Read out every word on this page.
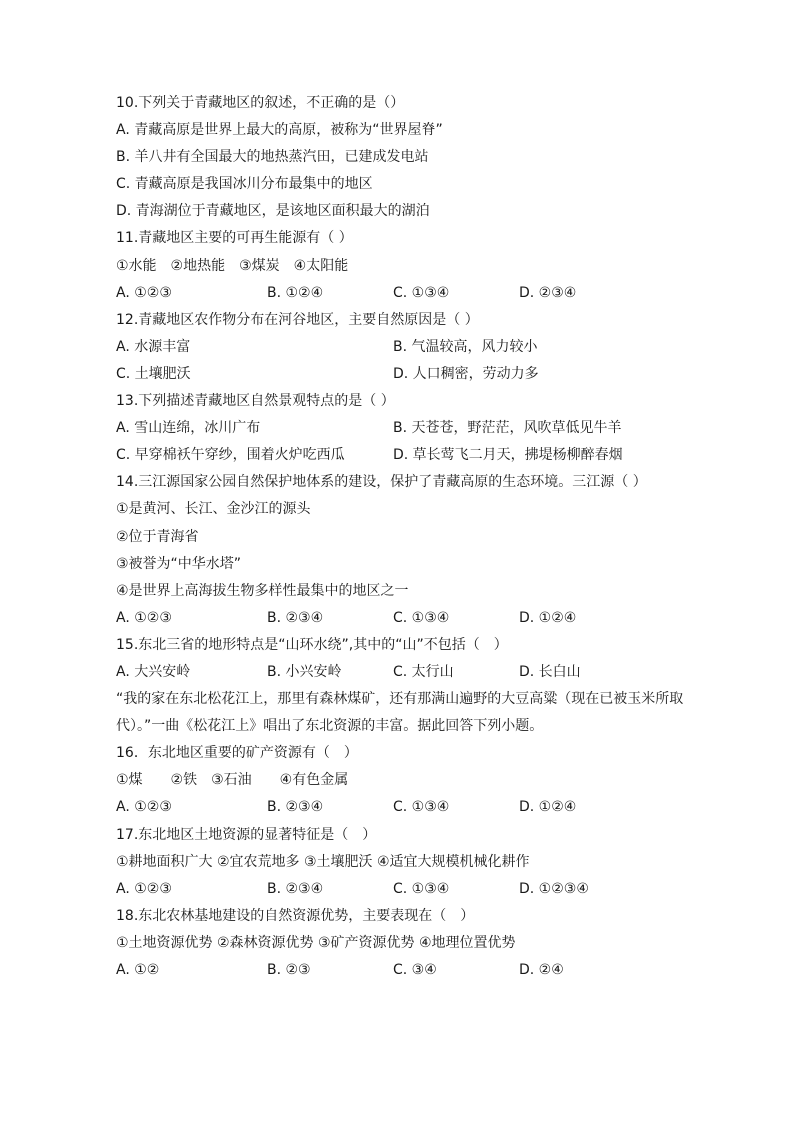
10.下列关于青藏地区的叙述，不正确的是（）
A. 青藏高原是世界上最大的高原，被称为“世界屋脊”
B. 羊八井有全国最大的地热蒸汽田，已建成发电站
C. 青藏高原是我国冰川分布最集中的地区
D. 青海湖位于青藏地区，是该地区面积最大的湖泊
11.青藏地区主要的可再生能源有（ ）
①水能　②地热能　③煤炭　④太阳能
A. ①②③	B. ①②④	C. ①③④	D. ②③④
12.青藏地区农作物分布在河谷地区，主要自然原因是（ ）
A. 水源丰富	B. 气温较高，风力较小
C. 土壤肥沃	D. 人口稠密，劳动力多
13.下列描述青藏地区自然景观特点的是（ ）
A. 雪山连绵，冰川广布	B. 天苍苍，野茫茫，风吹草低见牛羊
C. 早穿棉袄午穿纱，围着火炉吃西瓜	D. 草长莺飞二月天，拂堤杨柳醉春烟
14.三江源国家公园自然保护地体系的建设，保护了青藏高原的生态环境。三江源（ ）
①是黄河、长江、金沙江的源头
②位于青海省
③被誉为“中华水塔”
④是世界上高海拔生物多样性最集中的地区之一
A. ①②③	B. ②③④	C. ①③④	D. ①②④
15.东北三省的地形特点是“山环水绕”,其中的“山”不包括（　）
A. 大兴安岭	B. 小兴安岭	C. 太行山	D. 长白山
“我的家在东北松花江上，那里有森林煤矿，还有那满山遍野的大豆高粱（现在已被玉米所取代）。”一曲《松花江上》唱出了东北资源的丰富。据此回答下列小题。
16．东北地区重要的矿产资源有（　）
①煤　　②铁　③石油　　④有色金属
A. ①②③	B. ②③④	C. ①③④	D. ①②④
17.东北地区土地资源的显著特征是（　）
①耕地面积广大 ②宜农荒地多 ③土壤肥沃 ④适宜大规模机械化耕作
A. ①②③	B. ②③④	C. ①③④	D. ①②③④
18.东北农林基地建设的自然资源优势，主要表现在（　）
①土地资源优势 ②森林资源优势 ③矿产资源优势 ④地理位置优势
A. ①②	B. ②③	C. ③④	D. ②④
